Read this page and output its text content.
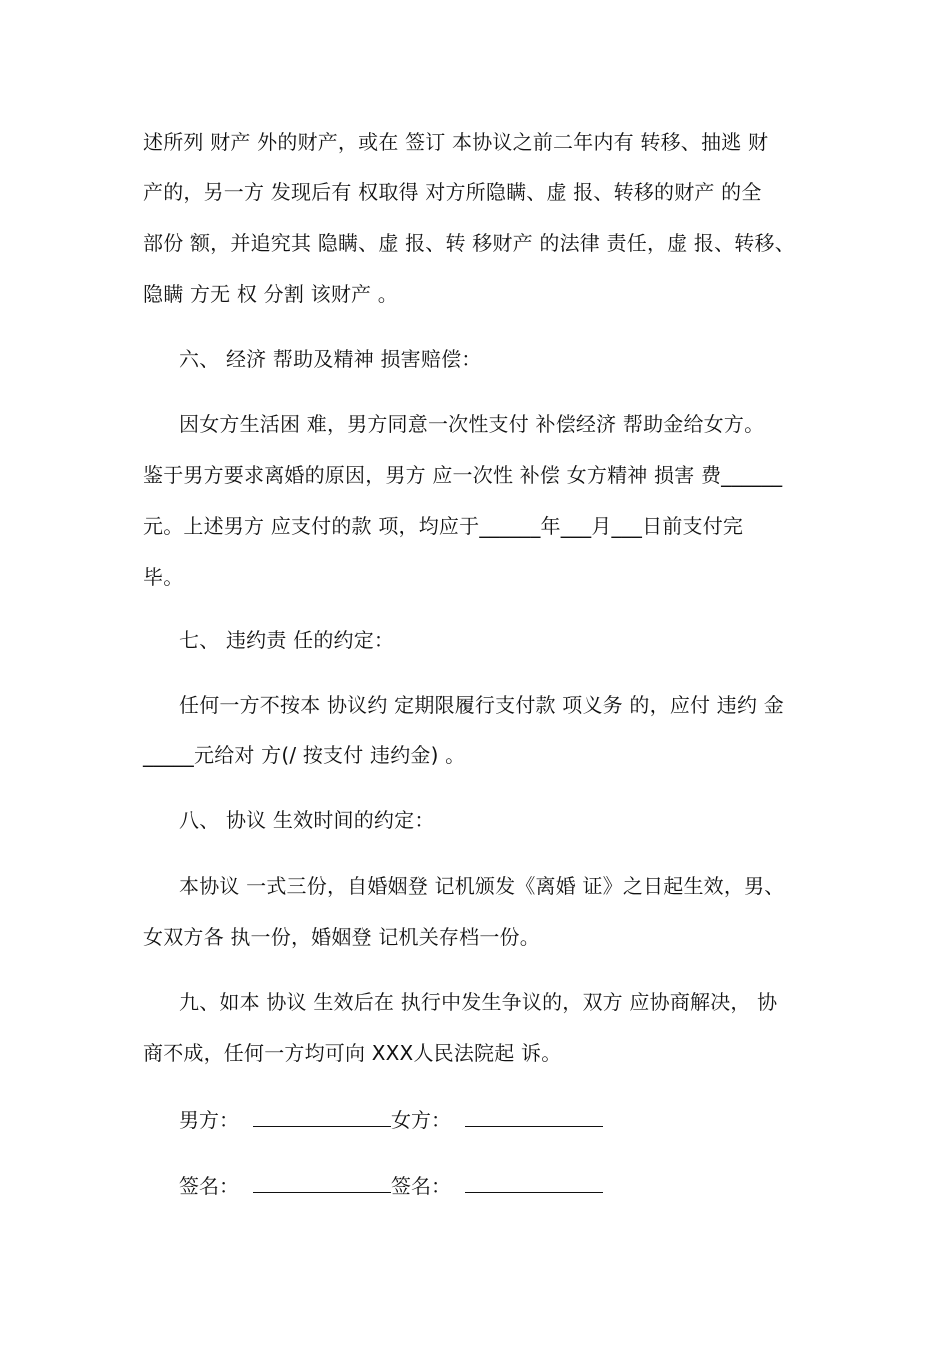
述所列 财产 外的财产，或在 签订 本协议之前二年内有 转移、抽逃 财
产的，另一方 发现后有 权取得 对方所隐瞒、虚 报、转移的财产 的全
部份 额，并追究其 隐瞒、虚 报、转 移财产 的法律 责任，虚 报、转移、
隐瞒 方无 权 分割 该财产 。
六、 经济 帮助及精神 损害赔偿：
因女方生活困 难，男方同意一次性支付 补偿经济 帮助金给女方。
鉴于男方要求离婚的原因，男方 应一次性 补偿 女方精神 损害 费______
元。上述男方 应支付的款 项，均应于______年___月___日前支付完
毕。
七、 违约责 任的约定：
任何一方不按本 协议约 定期限履行支付款 项义务 的，应付 违约 金
_____元给对 方(/ 按支付 违约金) 。
八、 协议 生效时间的约定：
本协议 一式三份，自婚姻登 记机颁发《离婚 证》之日起生效，男、
女双方各 执一份，婚姻登 记机关存档一份。
九、如本 协议 生效后在 执行中发生争议的，双方 应协商解决， 协
商不成，任何一方均可向 XXX人民法院起 诉。
男方：	女方：
签名：	签名：
